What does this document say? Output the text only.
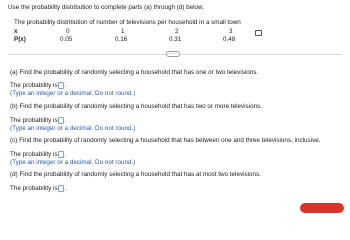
Use the probability distribution to complete parts (a) through (d) below.
The probability distribution of number of televisions per household in a small town
x	0	1	2	3
P(x)	0.05	0.16	0.31	0.48
·····
(a) Find the probability of randomly selecting a household that has one or two televisions.
The probability is .
(Type an integer or a decimal. Do not round.)
(b) Find the probability of randomly selecting a household that has two or more televisions.
The probability is .
(Type an integer or a decimal. Do not round.)
(c) Find the probability of randomly selecting a household that has between one and three televisions, inclusive.
The probability is .
(Type an integer or a decimal. Do not round.)
(d) Find the probability of randomly selecting a household that has at most two televisions.
The probability is .
